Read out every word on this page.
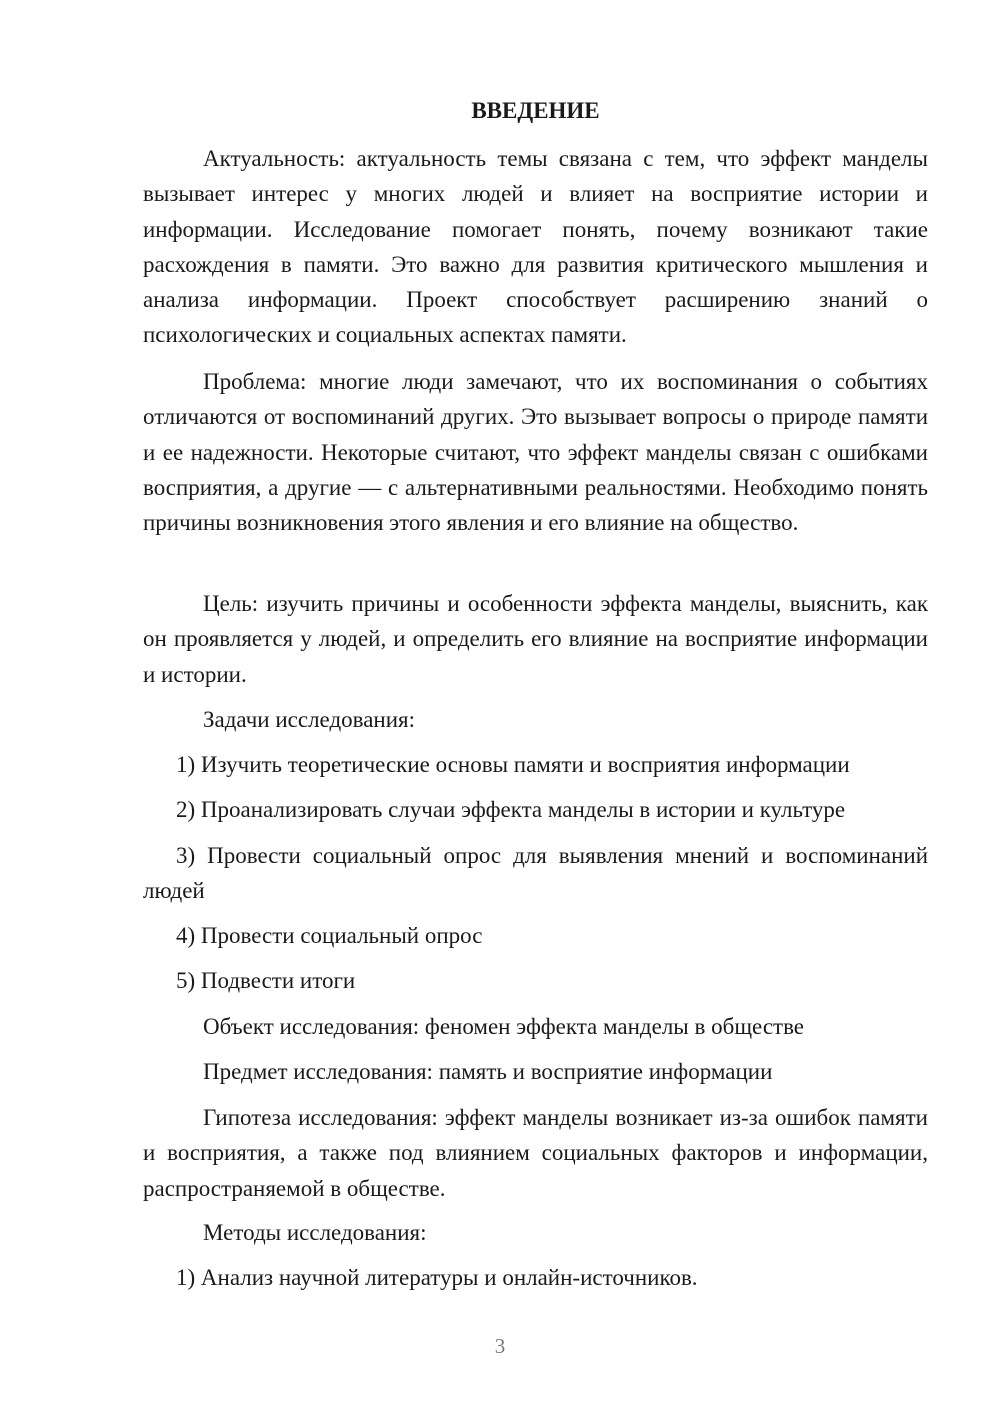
ВВЕДЕНИЕ

Актуальность: актуальность темы связана с тем, что эффект манделы вызывает интерес у многих людей и влияет на восприятие истории и информации. Исследование помогает понять, почему возникают такие расхождения в памяти. Это важно для развития критического мышления и анализа информации. Проект способствует расширению знаний о психологических и социальных аспектах памяти.

Проблема: многие люди замечают, что их воспоминания о событиях отличаются от воспоминаний других. Это вызывает вопросы о природе памяти и ее надежности. Некоторые считают, что эффект манделы связан с ошибками восприятия, а другие — с альтернативными реальностями. Необходимо понять причины возникновения этого явления и его влияние на общество.

Цель: изучить причины и особенности эффекта манделы, выяснить, как он проявляется у людей, и определить его влияние на восприятие информации и истории.

Задачи исследования:

1) Изучить теоретические основы памяти и восприятия информации

2) Проанализировать случаи эффекта манделы в истории и культуре

3) Провести социальный опрос для выявления мнений и воспоминаний людей

4) Провести социальный опрос

5) Подвести итоги

Объект исследования: феномен эффекта манделы в обществе

Предмет исследования: память и восприятие информации

Гипотеза исследования: эффект манделы возникает из-за ошибок памяти и восприятия, а также под влиянием социальных факторов и информации, распространяемой в обществе.

Методы исследования:

1) Анализ научной литературы и онлайн-источников.

3
